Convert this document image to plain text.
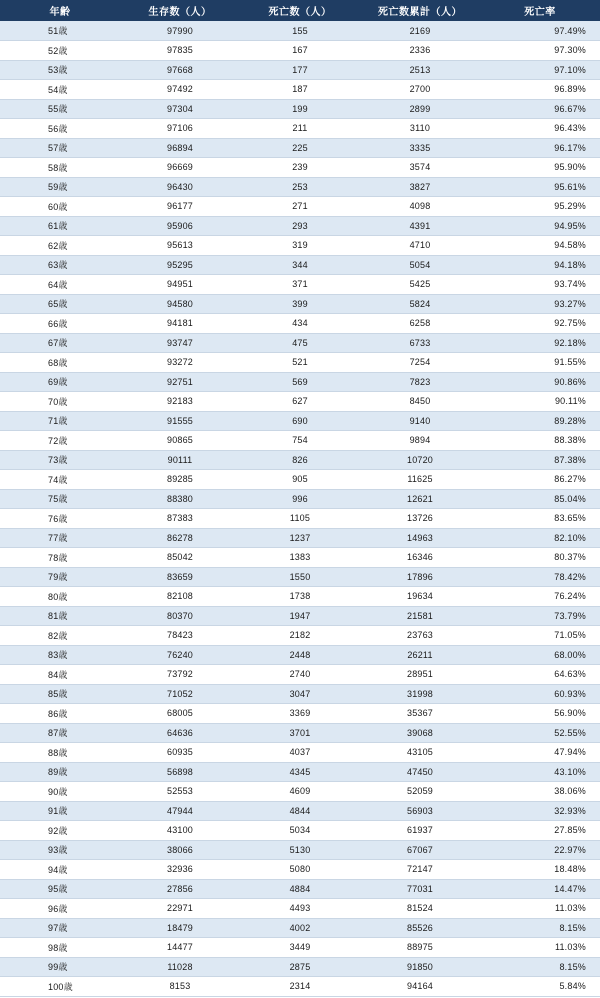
年齢	生存数（人）	死亡数（人）	死亡数累計（人）	死亡率
51歳	97990	155	2169	97.49%
52歳	97835	167	2336	97.30%
53歳	97668	177	2513	97.10%
54歳	97492	187	2700	96.89%
55歳	97304	199	2899	96.67%
56歳	97106	211	3110	96.43%
57歳	96894	225	3335	96.17%
58歳	96669	239	3574	95.90%
59歳	96430	253	3827	95.61%
60歳	96177	271	4098	95.29%
61歳	95906	293	4391	94.95%
62歳	95613	319	4710	94.58%
63歳	95295	344	5054	94.18%
64歳	94951	371	5425	93.74%
65歳	94580	399	5824	93.27%
66歳	94181	434	6258	92.75%
67歳	93747	475	6733	92.18%
68歳	93272	521	7254	91.55%
69歳	92751	569	7823	90.86%
70歳	92183	627	8450	90.11%
71歳	91555	690	9140	89.28%
72歳	90865	754	9894	88.38%
73歳	90111	826	10720	87.38%
74歳	89285	905	11625	86.27%
75歳	88380	996	12621	85.04%
76歳	87383	1105	13726	83.65%
77歳	86278	1237	14963	82.10%
78歳	85042	1383	16346	80.37%
79歳	83659	1550	17896	78.42%
80歳	82108	1738	19634	76.24%
81歳	80370	1947	21581	73.79%
82歳	78423	2182	23763	71.05%
83歳	76240	2448	26211	68.00%
84歳	73792	2740	28951	64.63%
85歳	71052	3047	31998	60.93%
86歳	68005	3369	35367	56.90%
87歳	64636	3701	39068	52.55%
88歳	60935	4037	43105	47.94%
89歳	56898	4345	47450	43.10%
90歳	52553	4609	52059	38.06%
91歳	47944	4844	56903	32.93%
92歳	43100	5034	61937	27.85%
93歳	38066	5130	67067	22.97%
94歳	32936	5080	72147	18.48%
95歳	27856	4884	77031	14.47%
96歳	22971	4493	81524	11.03%
97歳	18479	4002	85526	8.15%
98歳	14477	3449	88975	11.03%
99歳	11028	2875	91850	8.15%
100歳	8153	2314	94164	5.84%
